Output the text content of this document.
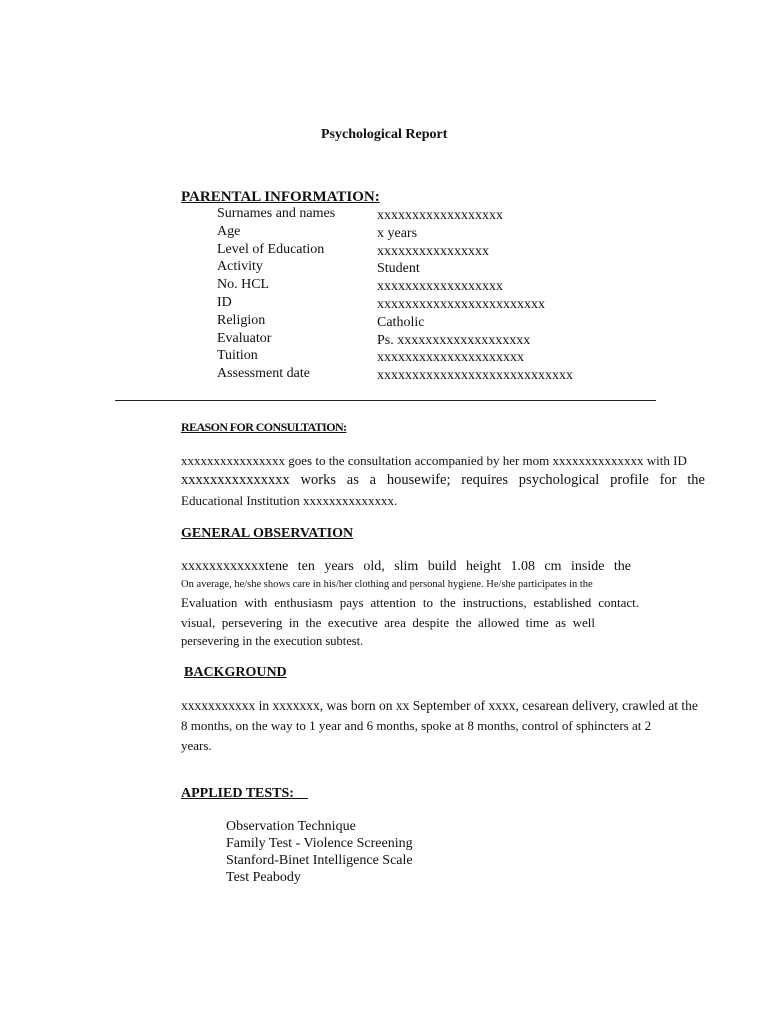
Psychological Report
PARENTAL INFORMATION:
Surnames and names	xxxxxxxxxxxxxxxxxx
Age	x years
Level of Education	xxxxxxxxxxxxxxxx
Activity	Student
No. HCL	xxxxxxxxxxxxxxxxxx
ID	xxxxxxxxxxxxxxxxxxxxxxxx
Religion	Catholic
Evaluator	Ps. xxxxxxxxxxxxxxxxxxx
Tuition	xxxxxxxxxxxxxxxxxxxxx
Assessment date	xxxxxxxxxxxxxxxxxxxxxxxxxxxx
REASON FOR CONSULTATION:
xxxxxxxxxxxxxxxx goes to the consultation accompanied by her mom xxxxxxxxxxxxxx with ID
xxxxxxxxxxxxxxx works as a housewife; requires psychological profile for the
Educational Institution xxxxxxxxxxxxxx.
GENERAL OBSERVATION
xxxxxxxxxxxxtene ten years old, slim build height 1.08 cm inside the
On average, he/she shows care in his/her clothing and personal hygiene. He/she participates in the
Evaluation with enthusiasm pays attention to the instructions, established contact.
visual, persevering in the executive area despite the allowed time as well
persevering in the execution subtest.
BACKGROUND
xxxxxxxxxxx in xxxxxxx, was born on xx September of xxxx, cesarean delivery, crawled at the
8 months, on the way to 1 year and 6 months, spoke at 8 months, control of sphincters at 2
years.
APPLIED TESTS:
Observation Technique
Family Test - Violence Screening
Stanford-Binet Intelligence Scale
Test Peabody
